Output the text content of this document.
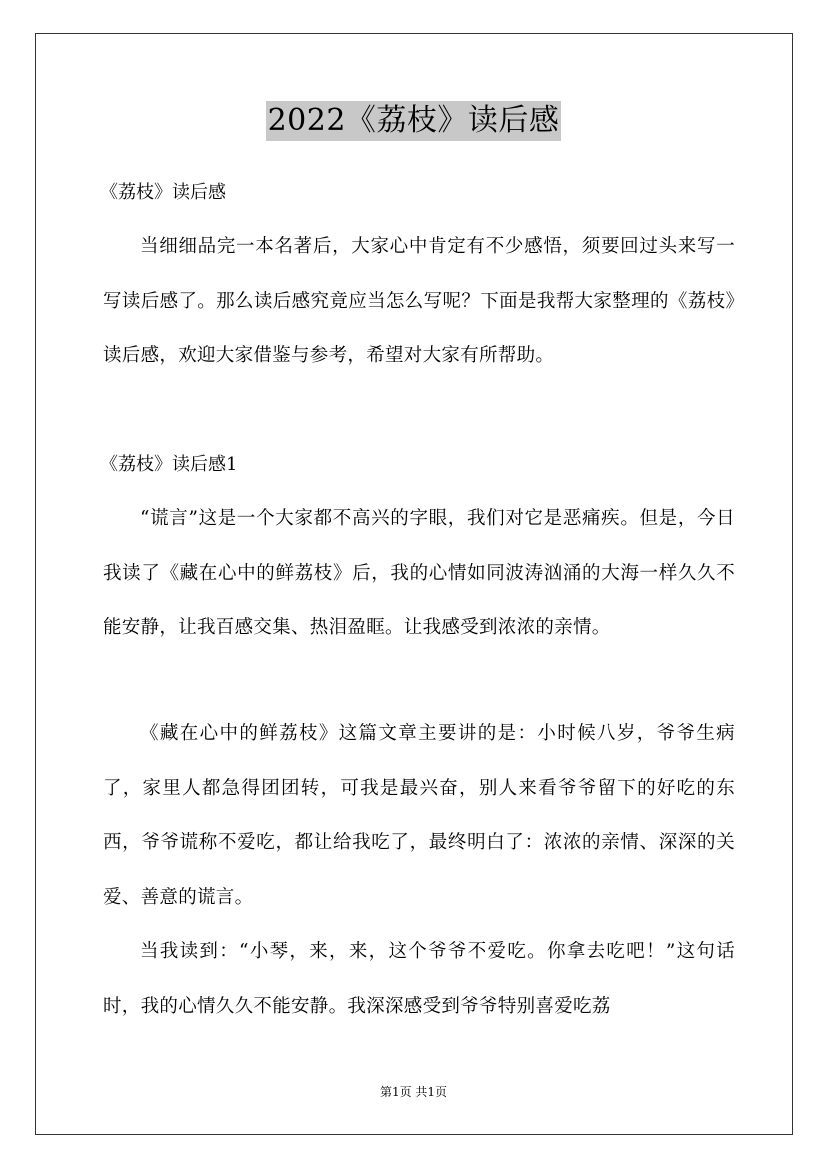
2022《荔枝》读后感
《荔枝》读后感
当细细品完一本名著后，大家心中肯定有不少感悟，须要回过头来写一写读后感了。那么读后感究竟应当怎么写呢？下面是我帮大家整理的《荔枝》读后感，欢迎大家借鉴与参考，希望对大家有所帮助。
《荔枝》读后感1
“谎言”这是一个大家都不高兴的字眼，我们对它是恶痛疾。但是，今日我读了《藏在心中的鲜荔枝》后，我的心情如同波涛汹涌的大海一样久久不能安静，让我百感交集、热泪盈眶。让我感受到浓浓的亲情。
《藏在心中的鲜荔枝》这篇文章主要讲的是：小时候八岁，爷爷生病了，家里人都急得团团转，可我是最兴奋，别人来看爷爷留下的好吃的东西，爷爷谎称不爱吃，都让给我吃了，最终明白了：浓浓的亲情、深深的关爱、善意的谎言。
当我读到：“小琴，来，来，这个爷爷不爱吃。你拿去吃吧！”这句话时，我的心情久久不能安静。我深深感受到爷爷特别喜爱吃荔
第1页 共1页
